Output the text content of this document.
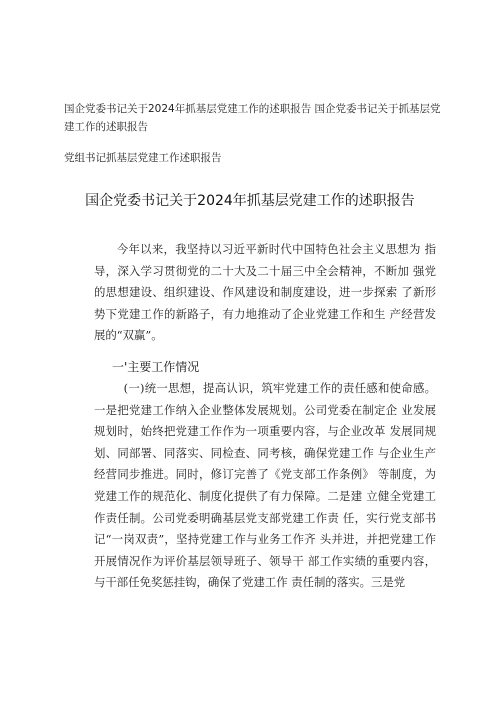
国企党委书记关于2024年抓基层党建工作的述职报告 国企党委书记关于抓基层党建工作的述职报告
党组书记抓基层党建工作述职报告
国企党委书记关于2024年抓基层党建工作的述职报告
今年以来，我坚持以习近平新时代中国特色社会主义思想为 指导，深入学习贯彻党的二十大及二十届三中全会精神，不断加 强党的思想建设、组织建设、作风建设和制度建设，进一步探索 了新形势下党建工作的新路子，有力地推动了企业党建工作和生 产经营发展的“双赢”。
一'主要工作情况
(一)统一思想，提高认识，筑牢党建工作的责任感和使命感。一是把党建工作纳入企业整体发展规划。公司党委在制定企 业发展规划时，始终把党建工作作为一项重要内容，与企业改革 发展同规划、同部署、同落实、同检查、同考核，确保党建工作 与企业生产经营同步推进。同时，修订完善了《党支部工作条例》 等制度，为党建工作的规范化、制度化提供了有力保障。二是建 立健全党建工作责任制。公司党委明确基层党支部党建工作责 任，实行党支部书记“一岗双责”，坚持党建工作与业务工作齐 头并进，并把党建工作开展情况作为评价基层领导班子、领导干 部工作实绩的重要内容，与干部任免奖惩挂钩，确保了党建工作 责任制的落实。三是党
